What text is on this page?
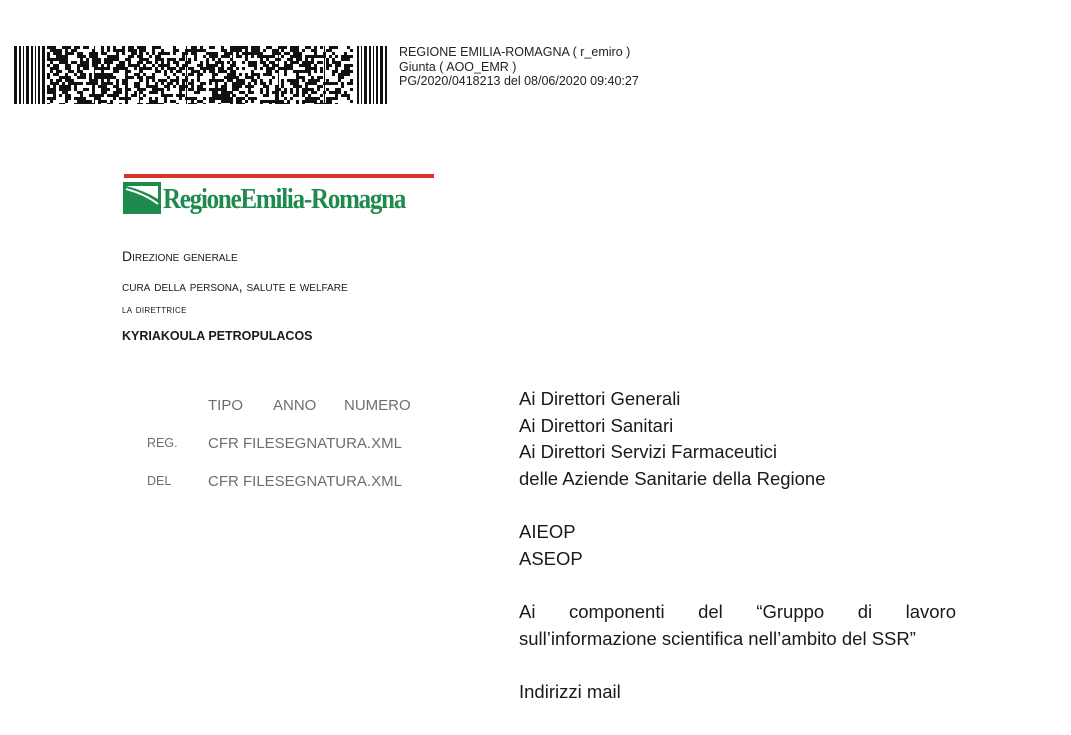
REGIONE EMILIA-ROMAGNA ( r_emiro )
Giunta ( AOO_EMR )
PG/2020/0418213 del 08/06/2020 09:40:27
RegioneEmilia-Romagna
Direzione generale
cura della persona, salute e welfare
la direttrice
KYRIAKOULA PETROPULACOS
TIPO ANNO NUMERO
REG. CFR FILESEGNATURA.XML
DEL CFR FILESEGNATURA.XML
Ai Direttori Generali
Ai Direttori Sanitari
Ai Direttori Servizi Farmaceutici
delle Aziende Sanitarie della Regione
AIEOP
ASEOP
Ai componenti del “Gruppo di lavoro
sull’informazione scientifica nell’ambito del SSR”
Indirizzi mail
